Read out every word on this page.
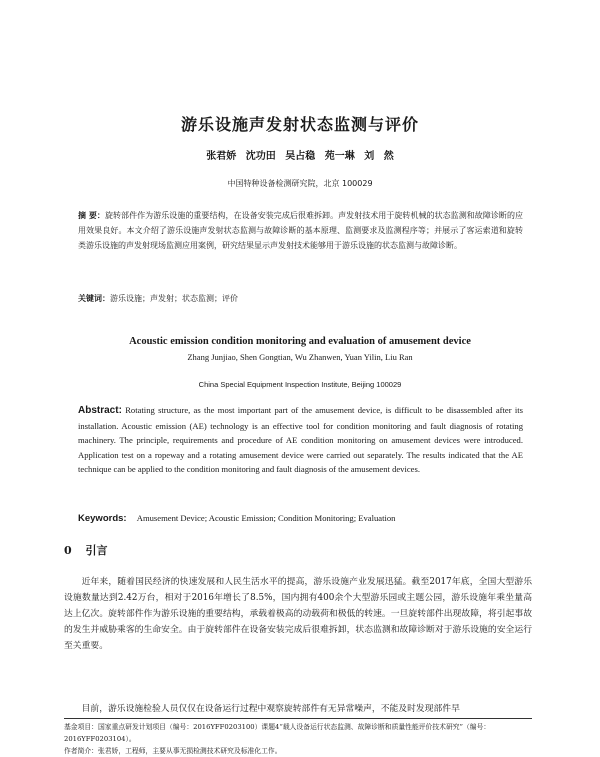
游乐设施声发射状态监测与评价
张君娇 沈功田 吴占稳 苑一琳 刘 然
中国特种设备检测研究院，北京 100029
摘 要：旋转部件作为游乐设施的重要结构，在设备安装完成后很难拆卸。声发射技术用于旋转机械的状态监测和故障诊断的应用效果良好。本文介绍了游乐设施声发射状态监测与故障诊断的基本原理、监测要求及监测程序等；并展示了客运索道和旋转类游乐设施的声发射现场监测应用案例，研究结果显示声发射技术能够用于游乐设施的状态监测与故障诊断。
关键词：游乐设施；声发射；状态监测；评价
Acoustic emission condition monitoring and evaluation of amusement device
Zhang Junjiao, Shen Gongtian, Wu Zhanwen, Yuan Yilin, Liu Ran
China Special Equipment Inspection Institute, Beijing 100029
Abstract: Rotating structure, as the most important part of the amusement device, is difficult to be disassembled after its installation. Acoustic emission (AE) technology is an effective tool for condition monitoring and fault diagnosis of rotating machinery. The principle, requirements and procedure of AE condition monitoring on amusement devices were introduced. Application test on a ropeway and a rotating amusement device were carried out separately. The results indicated that the AE technique can be applied to the condition monitoring and fault diagnosis of the amusement devices.
Keywords: Amusement Device; Acoustic Emission; Condition Monitoring; Evaluation
0 引言
近年来，随着国民经济的快速发展和人民生活水平的提高，游乐设施产业发展迅猛。截至2017年底，全国大型游乐设施数量达到2.42万台，相对于2016年增长了8.5%，国内拥有400余个大型游乐园或主题公园，游乐设施年乘坐量高达上亿次。旋转部件作为游乐设施的重要结构，承载着极高的动载荷和极低的转速。一旦旋转部件出现故障，将引起事故的发生并威胁乘客的生命安全。由于旋转部件在设备安装完成后很难拆卸，状态监测和故障诊断对于游乐设施的安全运行至关重要。
目前，游乐设施检验人员仅仅在设备运行过程中观察旋转部件有无异常噪声，不能及时发现部件早
基金项目：国家重点研发计划项目（编号：2016YFF0203100）课题4“载人设备运行状态监测、故障诊断和质量性能评价技术研究”（编号：2016YFF0203104）。
作者简介：张君娇，工程师，主要从事无损检测技术研究及标准化工作。
